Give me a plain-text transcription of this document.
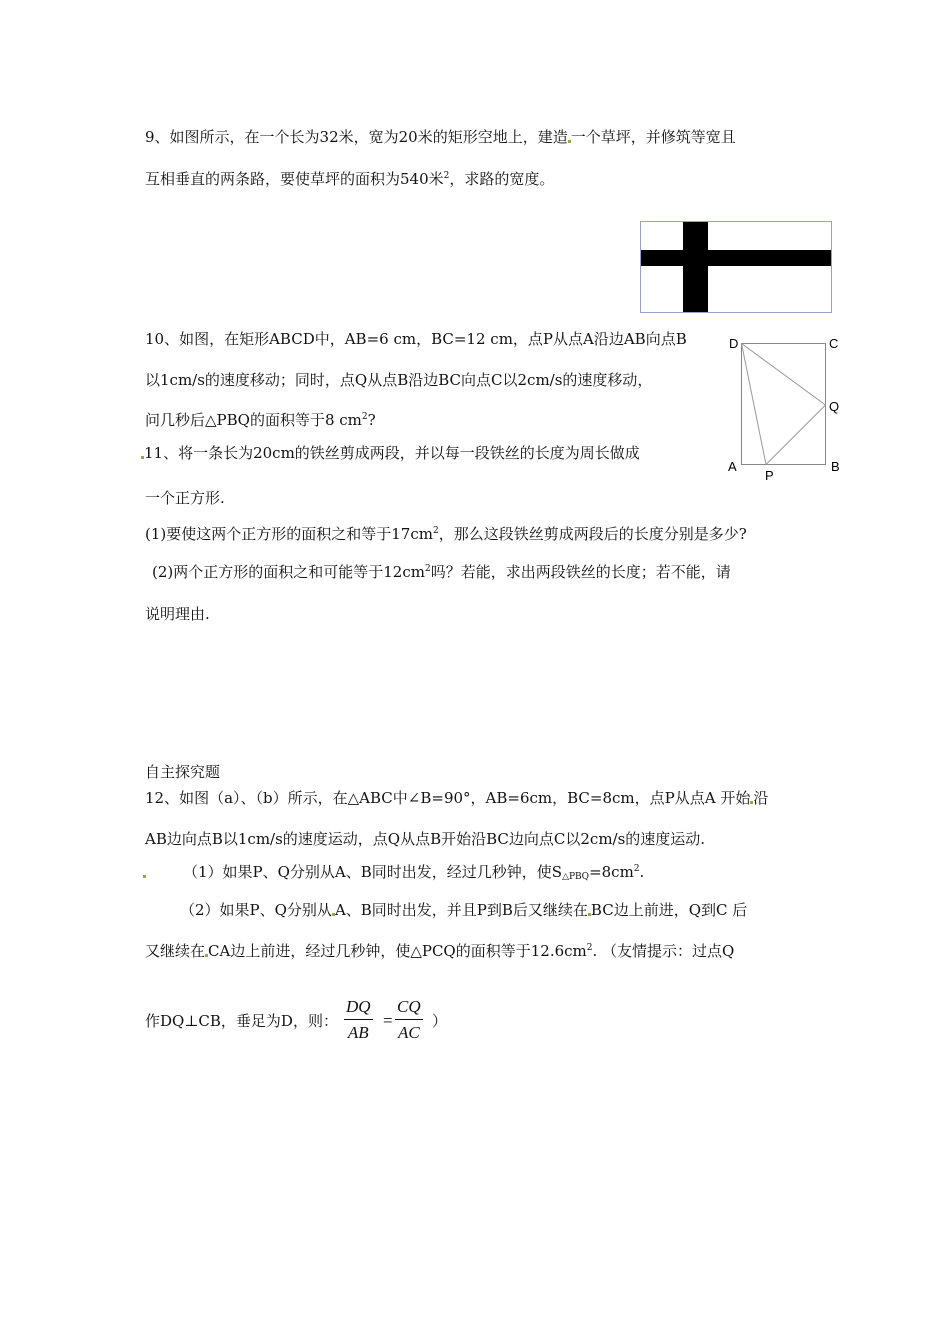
9、如图所示，在一个长为32米，宽为20米的矩形空地上，建造 一个草坪，并修筑等宽且
互相垂直的两条路，要使草坪的面积为540米$^2$，求路的宽度。
10、如图，在矩形ABCD中，AB=6 cm，BC=12 cm，点P从点A沿边AB向点B
以1cm/s的速度移动；同时，点Q从点B沿边BC向点C以2cm/s的速度移动，
问几秒后△PBQ的面积等于8 $cm^2$?
D	C
Q
A
P
B
11、将一条长为20cm的铁丝剪成两段，并以每一段铁丝的长度为周长做成
一个正方形.
(1)要使这两个正方形的面积之和等于$17cm^2$，那么这段铁丝剪成两段后的长度分别是多少?
(2)两个正方形的面积之和可能等于$12cm^2$吗？若能，求出两段铁丝的长度；若不能，请
说明理由.
自主探究题
12、如图（a）、（b）所示，在△ABC中∠B=90°，AB=6cm，BC=8cm，点P从点A 开始 沿
AB边向点B以1cm/s的速度运动，点Q从点B开始沿BC边向点C以2cm/s的速度运动.
（1）如果P、Q分别从A、B同时出发，经过几秒钟，使$S_{\triangle PBQ}=8cm^2$.
（2）如果P、Q分别从 A、B同时出发，并且P到B后又继续在 BC边上前进，Q到C 后
又继续在 CA边上前进，经过几秒钟，使△PCQ的面积等于$12.6cm^2$. （友情提示：过点Q
作DQ⊥CB，垂足为D，则：
DQ
AB
=
CQ
AC
）
